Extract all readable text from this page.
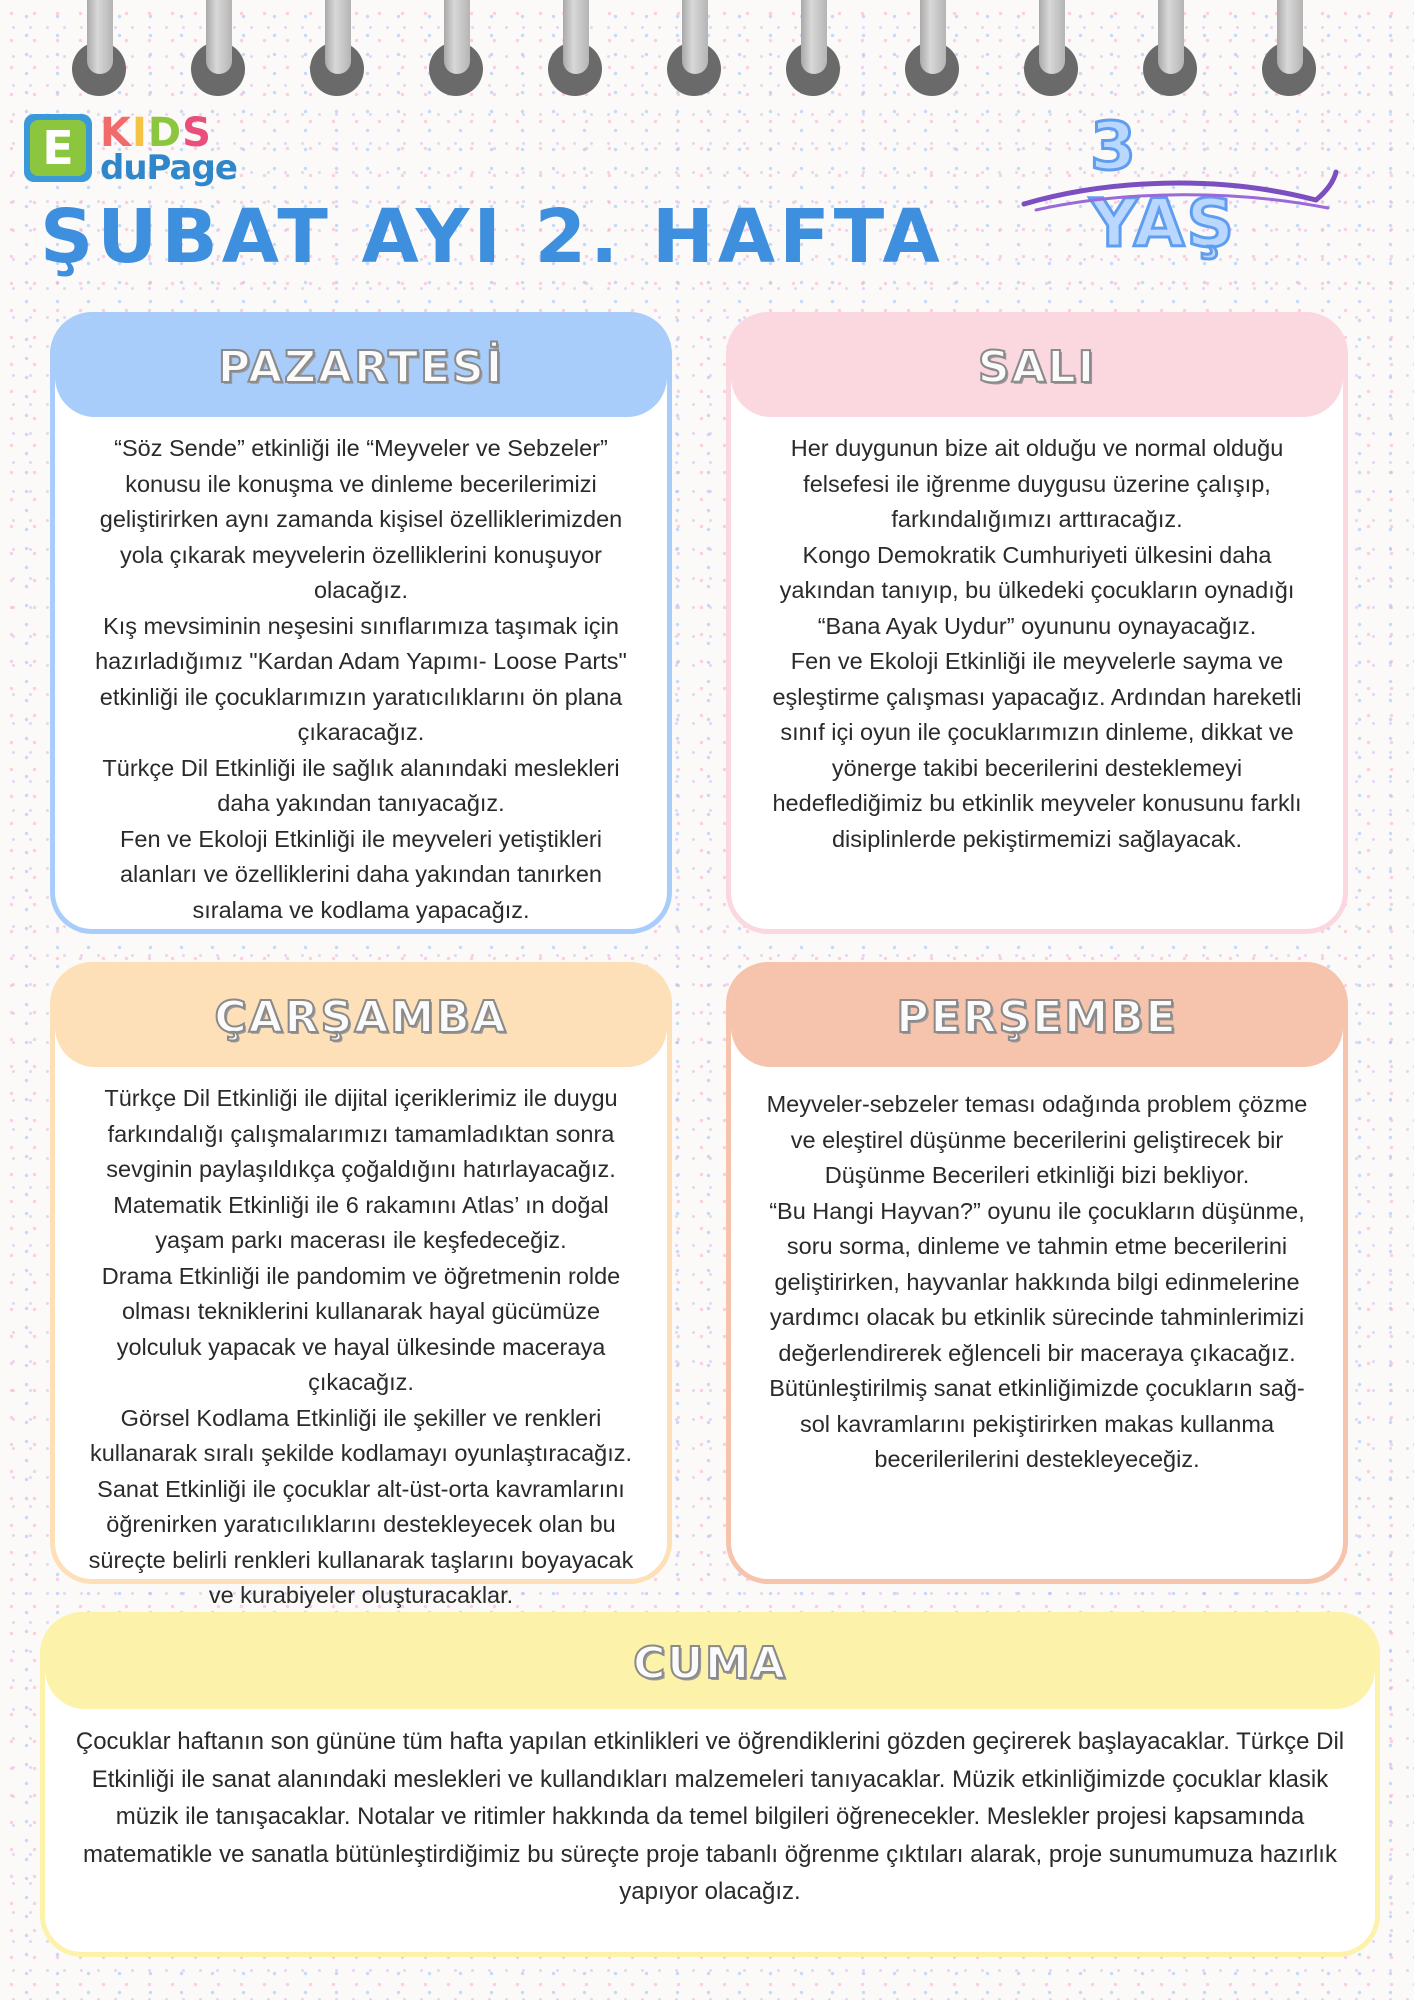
E KIDS
duPage	3 YAŞ
ŞUBAT AYI 2. HAFTA
PAZARTESİ

“Söz Sende” etkinliği ile “Meyveler ve Sebzeler” konusu ile konuşma ve dinleme becerilerimizi geliştirirken aynı zamanda kişisel özelliklerimizden yola çıkarak meyvelerin özelliklerini konuşuyor olacağız.

Kış mevsiminin neşesini sınıflarımıza taşımak için hazırladığımız "Kardan Adam Yapımı- Loose Parts" etkinliği ile çocuklarımızın yaratıcılıklarını ön plana çıkaracağız.

Türkçe Dil Etkinliği ile sağlık alanındaki meslekleri daha yakından tanıyacağız.

Fen ve Ekoloji Etkinliği ile meyveleri yetiştikleri alanları ve özelliklerini daha yakından tanırken sıralama ve kodlama yapacağız.

SALI

Her duygunun bize ait olduğu ve normal olduğu felsefesi ile iğrenme duygusu üzerine çalışıp, farkındalığımızı arttıracağız.

Kongo Demokratik Cumhuriyeti ülkesini daha yakından tanıyıp, bu ülkedeki çocukların oynadığı “Bana Ayak Uydur” oyununu oynayacağız.

Fen ve Ekoloji Etkinliği ile meyvelerle sayma ve eşleştirme çalışması yapacağız. Ardından hareketli sınıf içi oyun ile çocuklarımızın dinleme, dikkat ve yönerge takibi becerilerini desteklemeyi hedeflediğimiz bu etkinlik meyveler konusunu farklı disiplinlerde pekiştirmemizi sağlayacak.

ÇARŞAMBA

Türkçe Dil Etkinliği ile dijital içeriklerimiz ile duygu farkındalığı çalışmalarımızı tamamladıktan sonra sevginin paylaşıldıkça çoğaldığını hatırlayacağız.

Matematik Etkinliği ile 6 rakamını Atlas’ ın doğal yaşam parkı macerası ile keşfedeceğiz.

Drama Etkinliği ile pandomim ve öğretmenin rolde olması tekniklerini kullanarak hayal gücümüze yolculuk yapacak ve hayal ülkesinde maceraya çıkacağız.

Görsel Kodlama Etkinliği ile şekiller ve renkleri kullanarak sıralı şekilde kodlamayı oyunlaştıracağız.

Sanat Etkinliği ile çocuklar alt-üst-orta kavramlarını öğrenirken yaratıcılıklarını destekleyecek olan bu süreçte belirli renkleri kullanarak taşlarını boyayacak ve kurabiyeler oluşturacaklar.

PERŞEMBE

Meyveler-sebzeler teması odağında problem çözme ve eleştirel düşünme becerilerini geliştirecek bir Düşünme Becerileri etkinliği bizi bekliyor.

“Bu Hangi Hayvan?” oyunu ile çocukların düşünme, soru sorma, dinleme ve tahmin etme becerilerini geliştirirken, hayvanlar hakkında bilgi edinmelerine yardımcı olacak bu etkinlik sürecinde tahminlerimizi değerlendirerek eğlenceli bir maceraya çıkacağız.

Bütünleştirilmiş sanat etkinliğimizde çocukların sağ-sol kavramlarını pekiştirirken makas kullanma becerilerilerini destekleyeceğiz.

CUMA

Çocuklar haftanın son gününe tüm hafta yapılan etkinlikleri ve öğrendiklerini gözden geçirerek başlayacaklar. Türkçe Dil Etkinliği ile sanat alanındaki meslekleri ve kullandıkları malzemeleri tanıyacaklar. Müzik etkinliğimizde çocuklar klasik müzik ile tanışacaklar. Notalar ve ritimler hakkında da temel bilgileri öğrenecekler. Meslekler projesi kapsamında matematikle ve sanatla bütünleştirdiğimiz bu süreçte proje tabanlı öğrenme çıktıları alarak, proje sunumumuza hazırlık yapıyor olacağız.
